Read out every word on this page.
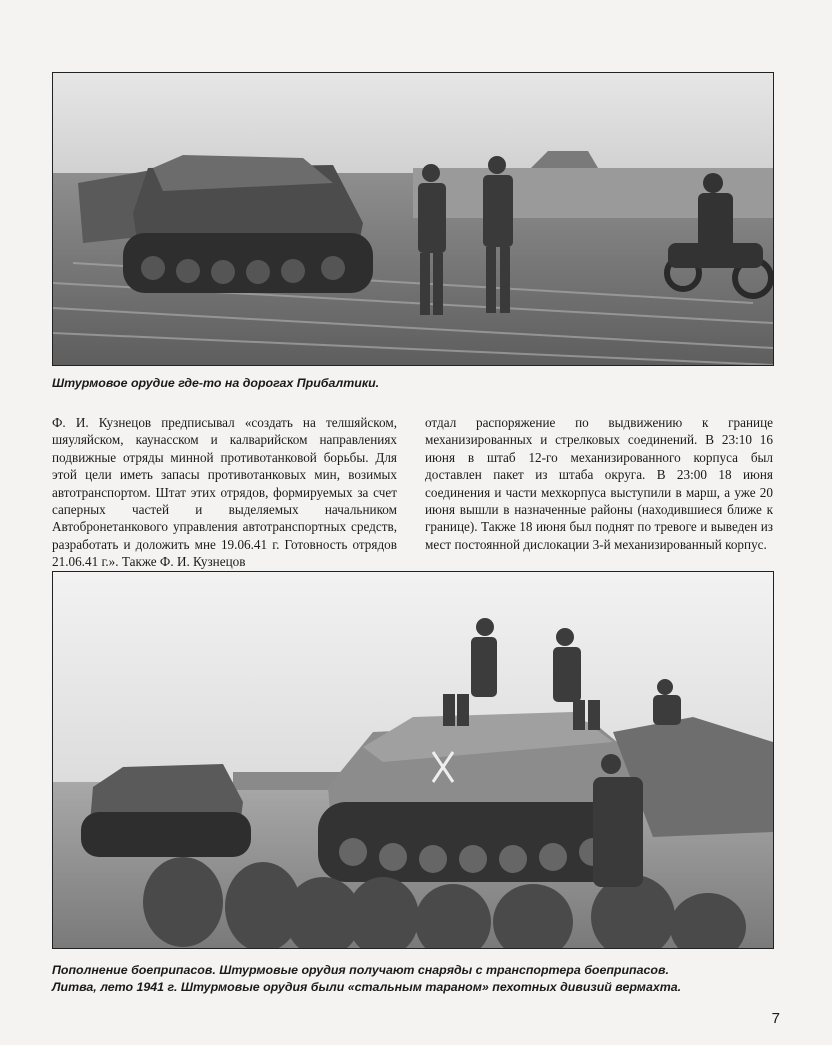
Штурмовое орудие где-то на дорогах Прибалтики.

Ф. И. Кузнецов предписывал «создать на телшяйском, шяуляйском, каунасском и калварийском направлениях подвижные отряды минной противотанковой борьбы. Для этой цели иметь запасы противотанковых мин, возимых автотранспортом. Штат этих отрядов, формируемых за счет саперных частей и выделяемых начальником Автобронетанкового управления автотранспортных средств, разработать и доложить мне 19.06.41 г. Готовность отрядов 21.06.41 г.». Также Ф. И. Кузнецов

отдал распоряжение по выдвижению к границе механизированных и стрелковых соединений. В 23:10 16 июня в штаб 12-го механизированного корпуса был доставлен пакет из штаба округа. В 23:00 18 июня соединения и части мехкорпуса выступили в марш, а уже 20 июня вышли в назначенные районы (находившиеся ближе к границе). Также 18 июня был поднят по тревоге и выведен из мест постоянной дислокации 3-й механизированный корпус.

Пополнение боеприпасов. Штурмовые орудия получают снаряды с транспортера боеприпасов.
Литва, лето 1941 г. Штурмовые орудия были «стальным тараном» пехотных дивизий вермахта.
7
